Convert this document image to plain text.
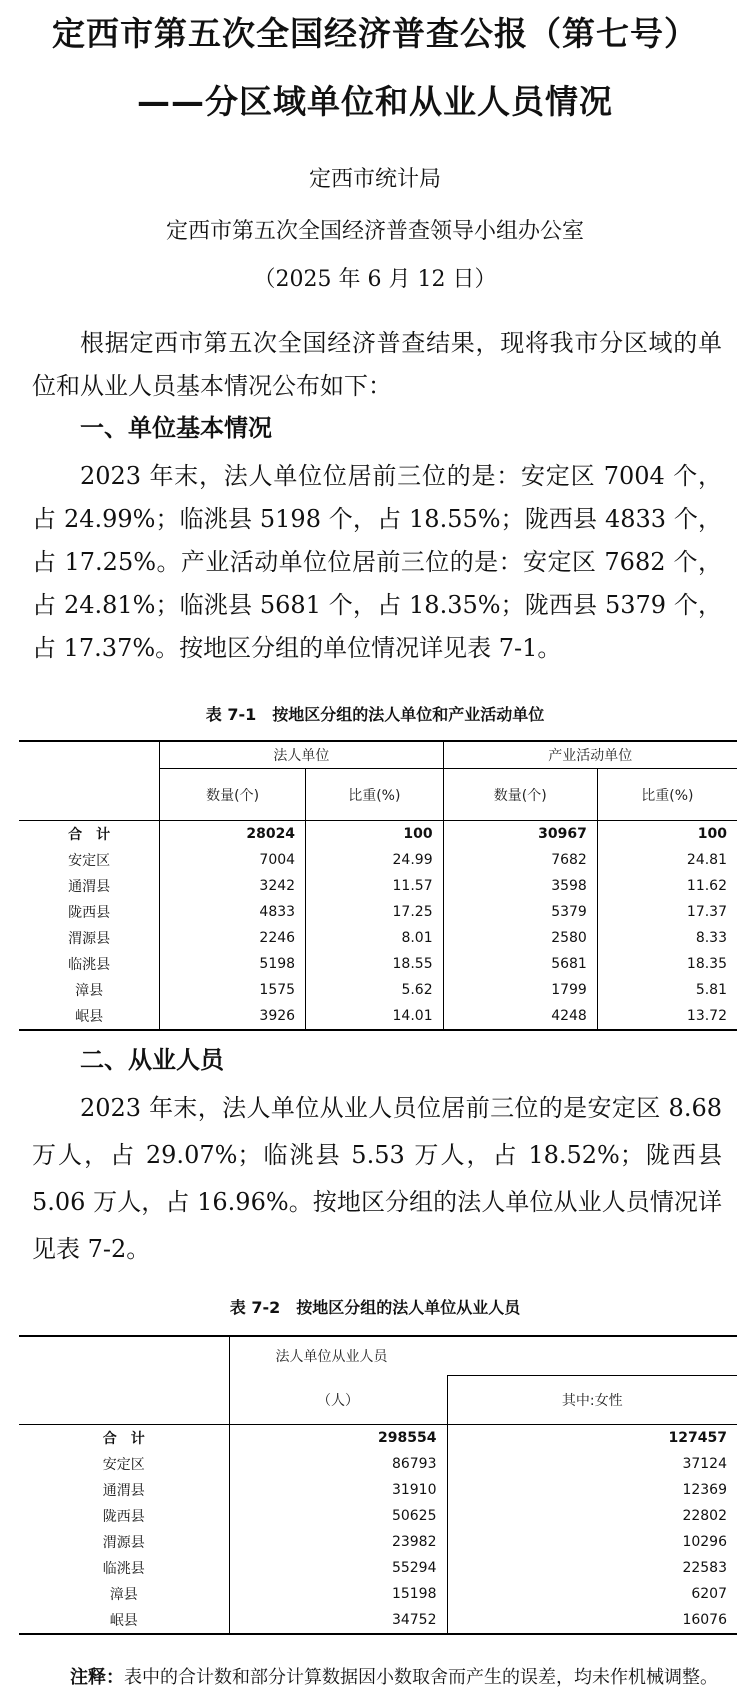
定西市第五次全国经济普查公报（第七号）
——分区域单位和从业人员情况
定西市统计局
定西市第五次全国经济普查领导小组办公室
（2025 年 6 月 12 日）
根据定西市第五次全国经济普查结果，现将我市分区域的单位和从业人员基本情况公布如下：
一、单位基本情况
2023 年末，法人单位位居前三位的是：安定区 7004 个，占 24.99%；临洮县 5198 个，占 18.55%；陇西县 4833 个，占 17.25%。产业活动单位位居前三位的是：安定区 7682 个，占 24.81%；临洮县 5681 个，占 18.35%；陇西县 5379 个，占 17.37%。按地区分组的单位情况详见表 7-1。
表 7-1　按地区分组的法人单位和产业活动单位
	法人单位		产业活动单位	
	数量(个)	比重(%)	数量(个)	比重(%)
合　计	28024	100	30967	100
安定区	7004	24.99	7682	24.81
通渭县	3242	11.57	3598	11.62
陇西县	4833	17.25	5379	17.37
渭源县	2246	8.01	2580	8.33
临洮县	5198	18.55	5681	18.35
漳县	1575	5.62	1799	5.81
岷县	3926	14.01	4248	13.72
二、从业人员
2023 年末，法人单位从业人员位居前三位的是安定区 8.68 万人，占 29.07%；临洮县 5.53 万人，占 18.52%；陇西县 5.06 万人，占 16.96%。按地区分组的法人单位从业人员情况详见表 7-2。
表 7-2　按地区分组的法人单位从业人员
	法人单位从业人员	
	（人）	其中:女性
合　计	298554	127457
安定区	86793	37124
通渭县	31910	12369
陇西县	50625	22802
渭源县	23982	10296
临洮县	55294	22583
漳县	15198	6207
岷县	34752	16076
注释：表中的合计数和部分计算数据因小数取舍而产生的误差，均未作机械调整。
